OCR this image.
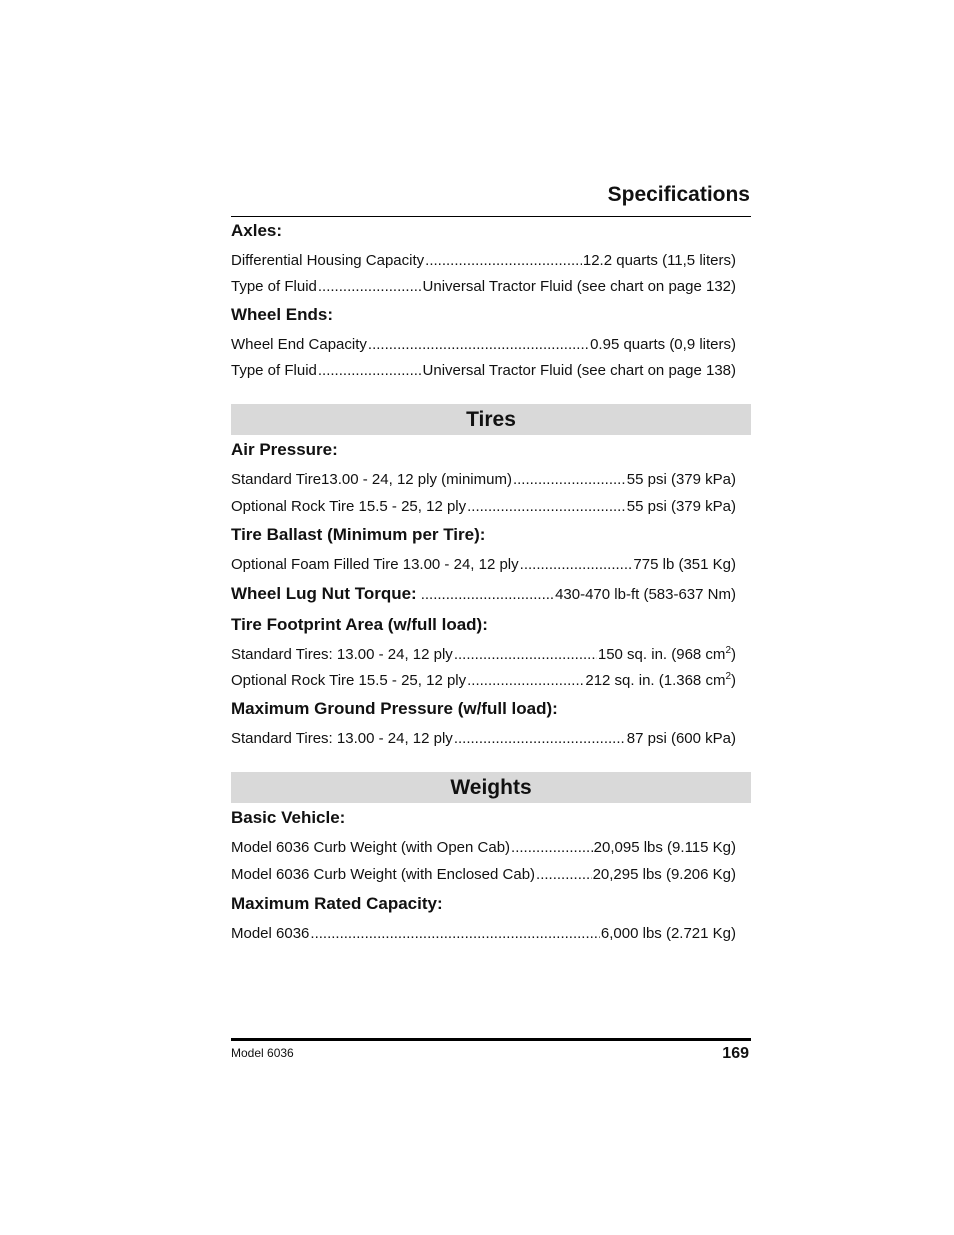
Specifications
Axles:
Differential Housing Capacity .....	12.2 quarts (11,5 liters)
Type of Fluid .....	Universal Tractor Fluid (see chart on page 132)
Wheel Ends:
Wheel End Capacity .....	0.95 quarts (0,9 liters)
Type of Fluid .....	Universal Tractor Fluid (see chart on page 138)
Tires
Air Pressure:
Standard Tire13.00 - 24, 12 ply (minimum) .....	55 psi (379 kPa)
Optional Rock Tire 15.5 - 25, 12 ply .....	55 psi (379 kPa)
Tire Ballast (Minimum per Tire):
Optional Foam Filled Tire 13.00 - 24, 12 ply .....	775 lb (351 Kg)
Wheel Lug Nut Torque: .....	430-470 lb-ft (583-637 Nm)
Tire Footprint Area (w/full load):
Standard Tires: 13.00 - 24, 12 ply .....	150 sq. in. (968 $cm^2$)
Optional Rock Tire 15.5 - 25, 12 ply .....	212 sq. in. (1.368 $cm^2$)
Maximum Ground Pressure (w/full load):
Standard Tires: 13.00 - 24, 12 ply .....	87 psi (600 kPa)
Weights
Basic Vehicle:
Model 6036 Curb Weight (with Open Cab) .....	20,095 lbs (9.115 Kg)
Model 6036 Curb Weight (with Enclosed Cab) .....	20,295 lbs (9.206 Kg)
Maximum Rated Capacity:
Model 6036 .....	6,000 lbs (2.721 Kg)
Model 6036	169
